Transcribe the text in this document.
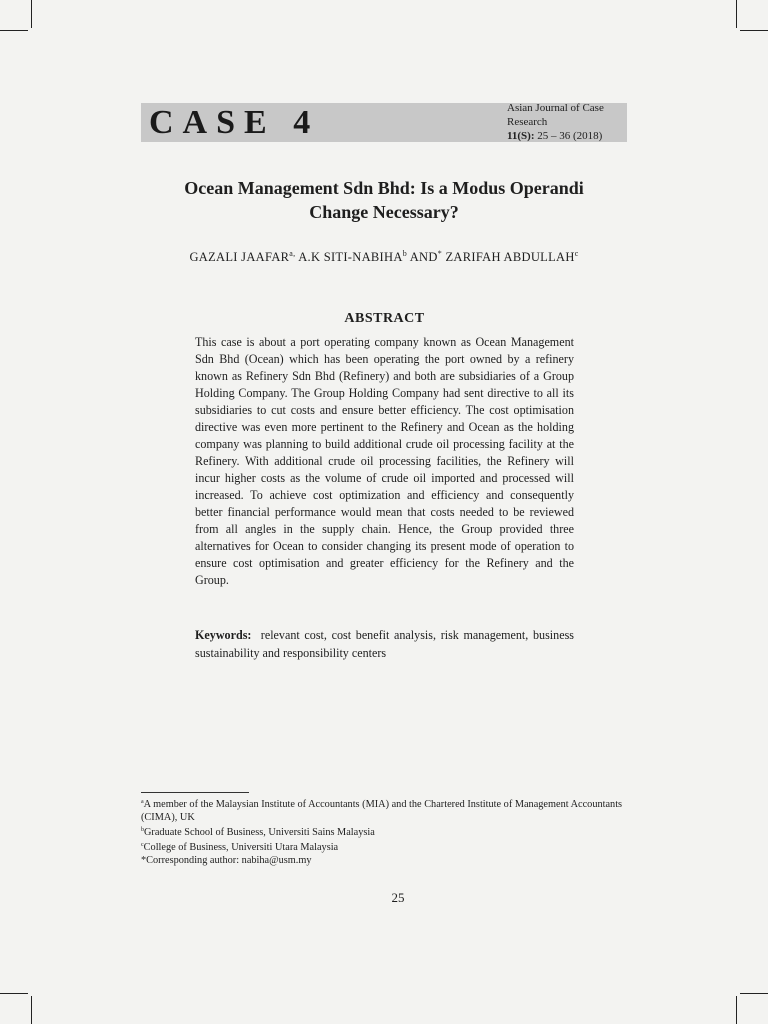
CASE 4	Asian Journal of Case Research
11(S): 25 – 36 (2018)
Ocean Management Sdn Bhd: Is a Modus Operandi
Change Necessary?
GAZALI $JAAFAR^{a,}$ A.K SITI-NABIHA$^b$ AND* ZARIFAH ABDULLAH$^c$
ABSTRACT
This case is about a port operating company known as Ocean Management Sdn Bhd (Ocean) which has been operating the port owned by a refinery known as Refinery Sdn Bhd (Refinery) and both are subsidiaries of a Group Holding Company. The Group Holding Company had sent directive to all its subsidiaries to cut costs and ensure better efficiency. The cost optimisation directive was even more pertinent to the Refinery and Ocean as the holding company was planning to build additional crude oil processing facility at the Refinery. With additional crude oil processing facilities, the Refinery will incur higher costs as the volume of crude oil imported and processed will increased. To achieve cost optimization and efficiency and consequently better financial performance would mean that costs needed to be reviewed from all angles in the supply chain. Hence, the Group provided three alternatives for Ocean to consider changing its present mode of operation to ensure cost optimisation and greater efficiency for the Refinery and the Group.
Keywords:  relevant cost, cost benefit analysis, risk management, business sustainability and responsibility centers

$^a$A member of the Malaysian Institute of Accountants (MIA) and the Chartered Institute of Management Accountants (CIMA), UK

$^b$Graduate School of Business, Universiti Sains Malaysia

$^c$College of Business, Universiti Utara Malaysia

*Corresponding author: nabiha@usm.my

25
